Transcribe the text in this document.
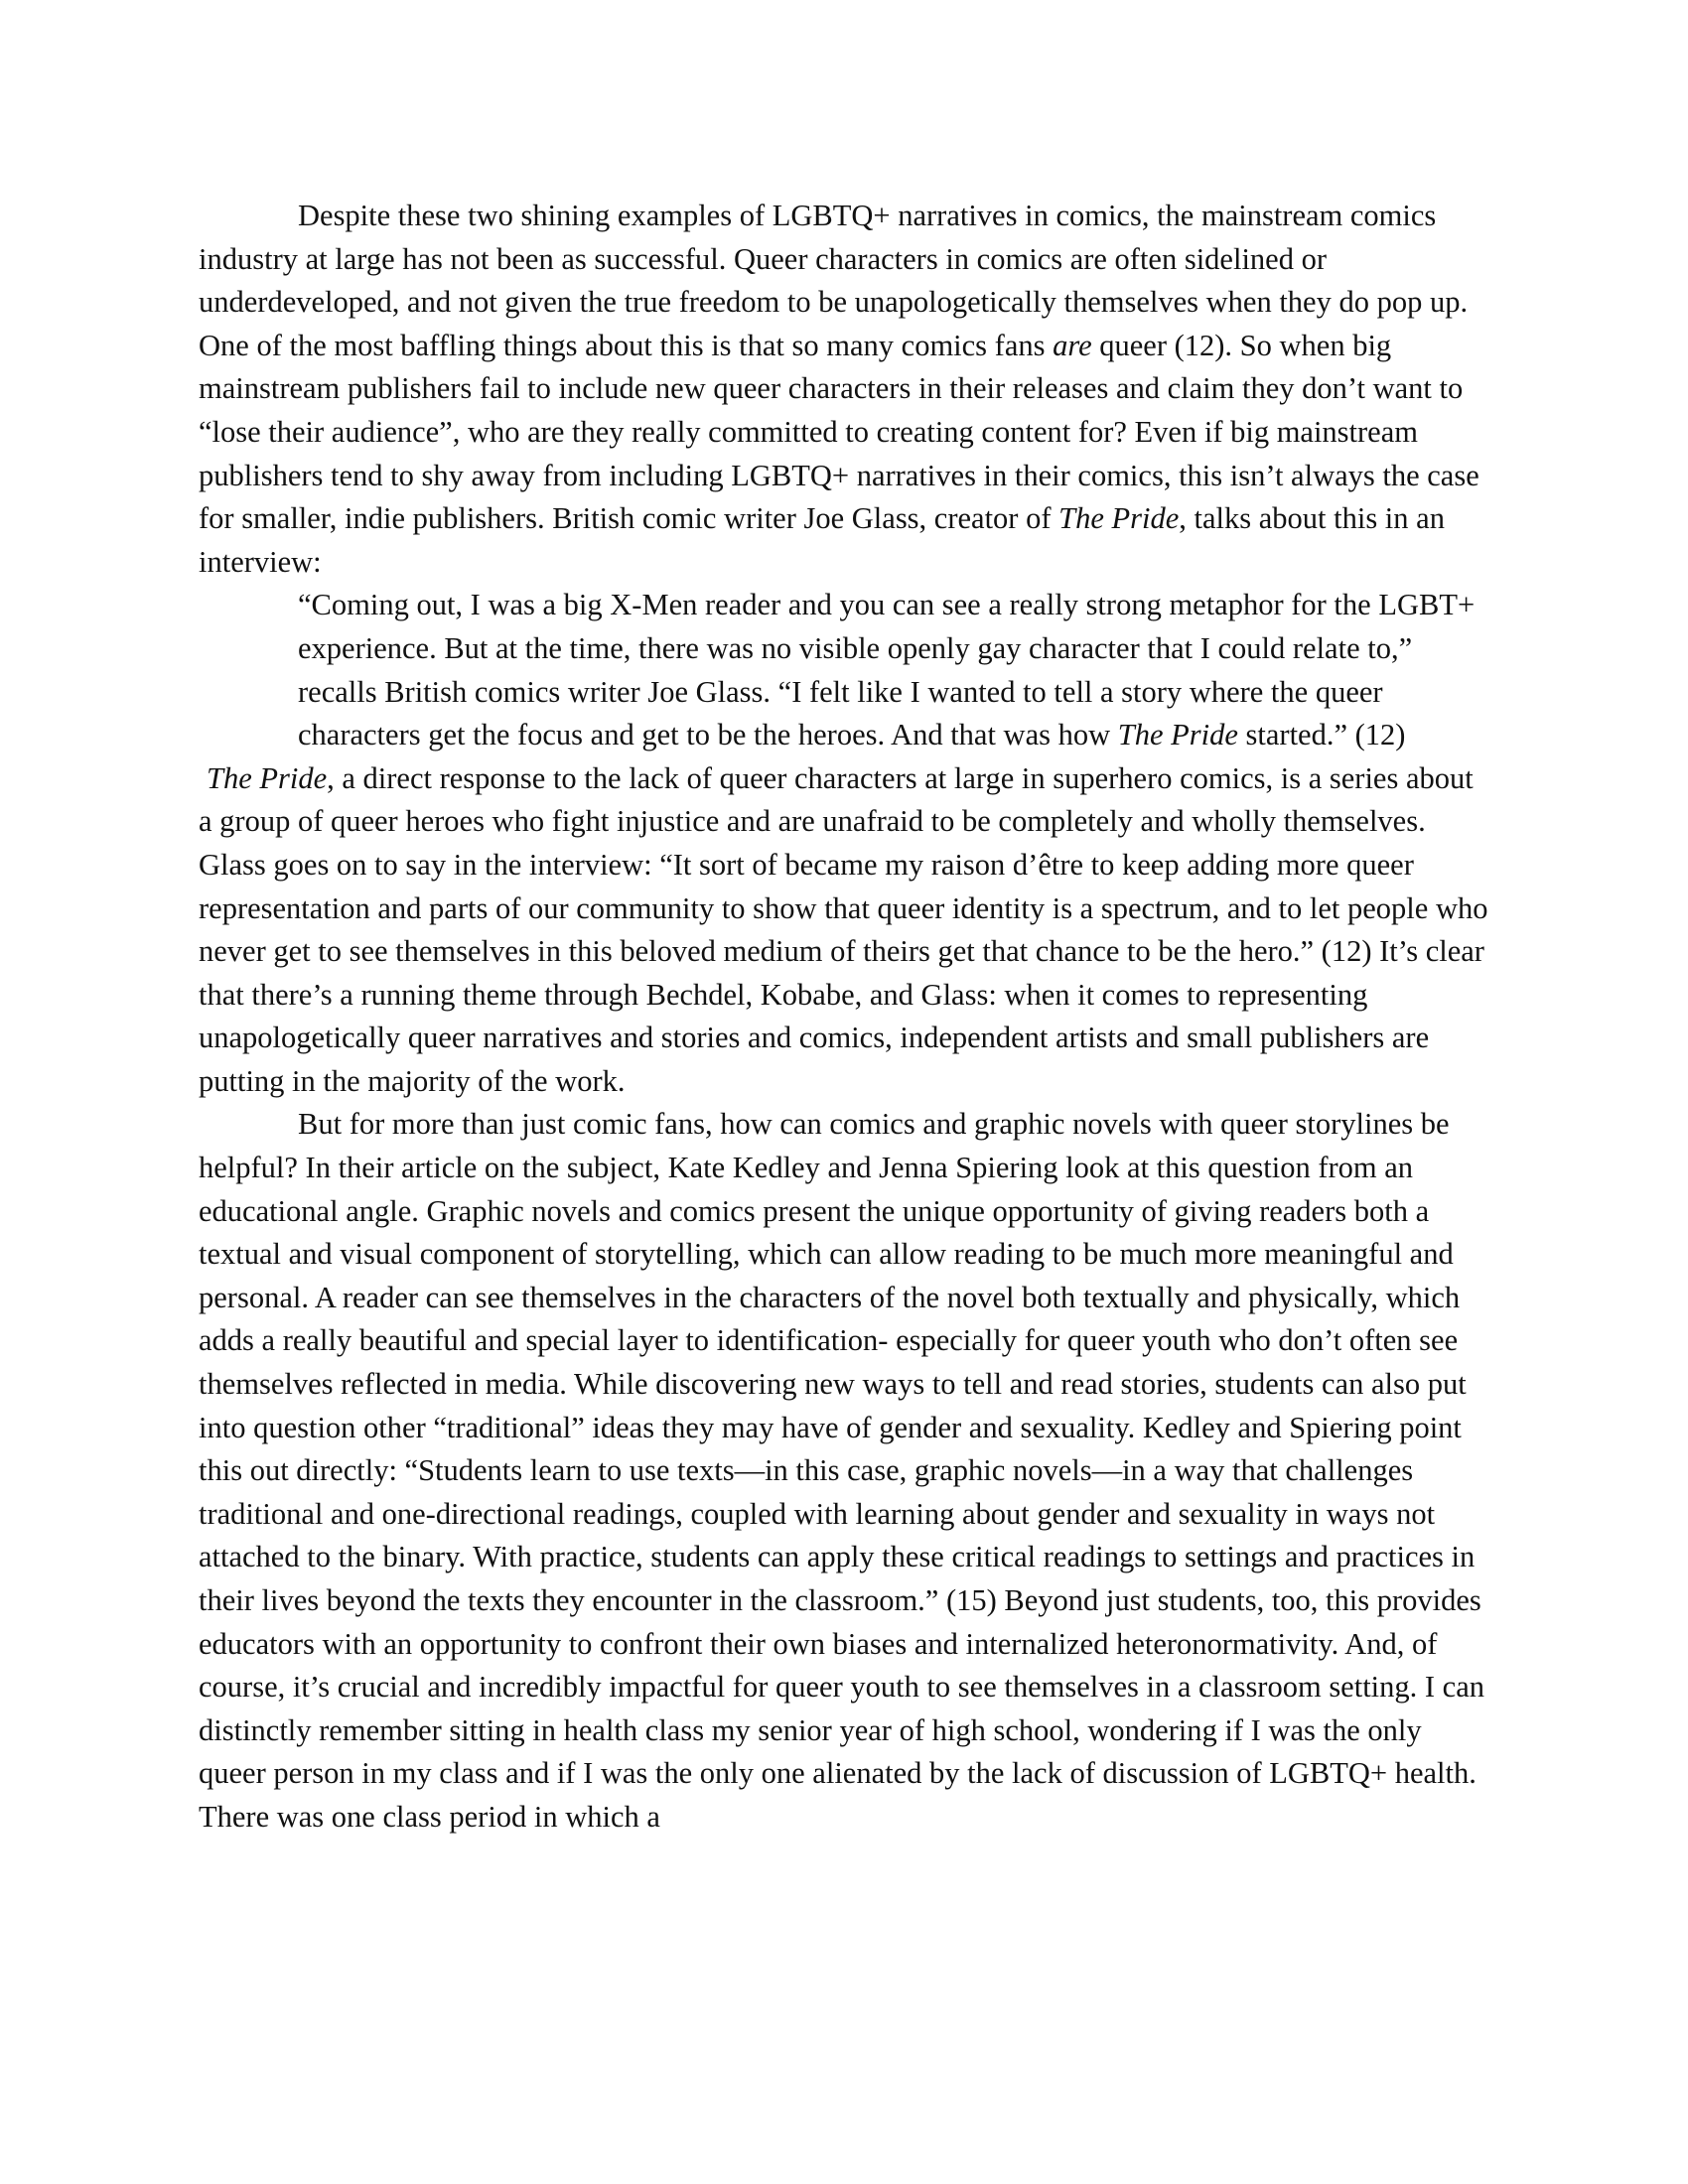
Despite these two shining examples of LGBTQ+ narratives in comics, the mainstream comics industry at large has not been as successful. Queer characters in comics are often sidelined or underdeveloped, and not given the true freedom to be unapologetically themselves when they do pop up. One of the most baffling things about this is that so many comics fans are queer (12). So when big mainstream publishers fail to include new queer characters in their releases and claim they don’t want to “lose their audience”, who are they really committed to creating content for? Even if big mainstream publishers tend to shy away from including LGBTQ+ narratives in their comics, this isn’t always the case for smaller, indie publishers. British comic writer Joe Glass, creator of The Pride, talks about this in an interview:

“Coming out, I was a big X-Men reader and you can see a really strong metaphor for the LGBT+ experience. But at the time, there was no visible openly gay character that I could relate to,” recalls British comics writer Joe Glass. “I felt like I wanted to tell a story where the queer characters get the focus and get to be the heroes. And that was how The Pride started.” (12)

The Pride, a direct response to the lack of queer characters at large in superhero comics, is a series about a group of queer heroes who fight injustice and are unafraid to be completely and wholly themselves. Glass goes on to say in the interview: “It sort of became my raison d’être to keep adding more queer representation and parts of our community to show that queer identity is a spectrum, and to let people who never get to see themselves in this beloved medium of theirs get that chance to be the hero.” (12) It’s clear that there’s a running theme through Bechdel, Kobabe, and Glass: when it comes to representing unapologetically queer narratives and stories and comics, independent artists and small publishers are putting in the majority of the work.

But for more than just comic fans, how can comics and graphic novels with queer storylines be helpful? In their article on the subject, Kate Kedley and Jenna Spiering look at this question from an educational angle. Graphic novels and comics present the unique opportunity of giving readers both a textual and visual component of storytelling, which can allow reading to be much more meaningful and personal. A reader can see themselves in the characters of the novel both textually and physically, which adds a really beautiful and special layer to identification- especially for queer youth who don’t often see themselves reflected in media. While discovering new ways to tell and read stories, students can also put into question other “traditional” ideas they may have of gender and sexuality. Kedley and Spiering point this out directly: “Students learn to use texts—in this case, graphic novels—in a way that challenges traditional and one-directional readings, coupled with learning about gender and sexuality in ways not attached to the binary. With practice, students can apply these critical readings to settings and practices in their lives beyond the texts they encounter in the classroom.” (15) Beyond just students, too, this provides educators with an opportunity to confront their own biases and internalized heteronormativity. And, of course, it’s crucial and incredibly impactful for queer youth to see themselves in a classroom setting. I can distinctly remember sitting in health class my senior year of high school, wondering if I was the only queer person in my class and if I was the only one alienated by the lack of discussion of LGBTQ+ health. There was one class period in which a
